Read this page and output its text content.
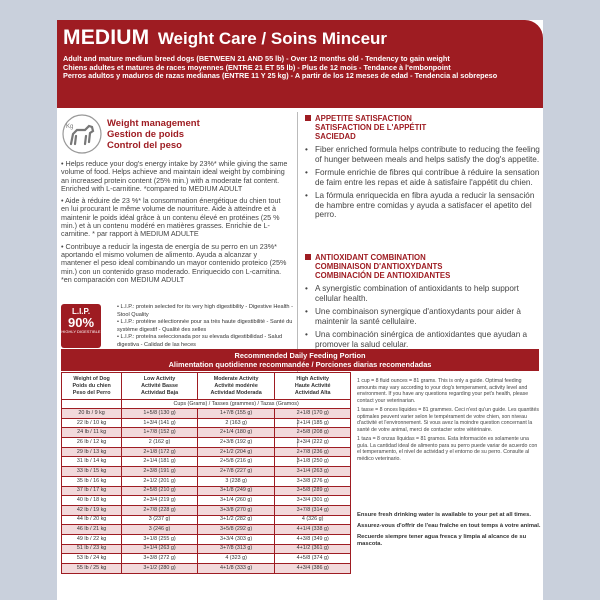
MEDIUM Weight Care / Soins Minceur
Adult and mature medium breed dogs (BETWEEN 21 AND 55 lb) - Over 12 months old - Tendency to gain weight
Chiens adultes et matures de races moyennes (ENTRE 21 ET 55 lb) - Plus de 12 mois - Tendance à l'embonpoint
Perros adultos y maduros de razas medianas (ENTRE 11 Y 25 kg) - A partir de los 12 meses de edad - Tendencia al sobrepeso
Kg	Weight management
Gestion de poids
Control del peso

• Helps reduce your dog's energy intake by 23%* while giving the same volume of food. Helps achieve and maintain ideal weight by combining an increased protein content (25% min.) with a moderate fat content. Enriched with L-carnitine. *compared to MEDIUM ADULT

• Aide à réduire de 23 %* la consommation énergétique du chien tout en lui procurant le même volume de nourriture. Aide à atteindre et à maintenir le poids idéal grâce à un contenu élevé en protéines (25 % min.) et à un contenu modéré en matières grasses. Enrichie de L-carnitine. * par rapport à MEDIUM ADULTE

• Contribuye a reducir la ingesta de energía de su perro en un 23%* aportando el mismo volumen de alimento. Ayuda a alcanzar y mantener el peso ideal combinando un mayor contenido proteico (25% min.) con un contenido graso moderado. Enriquecido con L-carnitina. *en comparación con MEDIUM ADULT

L.I.P.
90%
HIGHLY DIGESTIBLE
• L.I.P.: protein selected for its very high digestibility - Digestive Health - Stool Quality
• L.I.P.: protéine sélectionnée pour sa très haute digestibilité - Santé du système digestif - Qualité des selles
• L.I.P.: proteína seleccionada por su elevada digestibilidad - Salud digestiva - Calidad de las heces
APPETITE SATISFACTION
SATISFACTION DE L'APPÉTIT
SACIEDAD
• Fiber enriched formula helps contribute to reducing the feeling of hunger between meals and helps satisfy the dog's appetite.
• Formule enrichie de fibres qui contribue à réduire la sensation de faim entre les repas et aide à satisfaire l'appétit du chien.
• La fórmula enriquecida en fibra ayuda a reducir la sensación de hambre entre comidas y ayuda a satisfacer el apetito del perro.
ANTIOXIDANT COMBINATION
COMBINAISON D'ANTIOXYDANTS
COMBINACIÓN DE ANTIOXIDANTES
• A synergistic combination of antioxidants to help support cellular health.
• Une combinaison synergique d'antioxydants pour aider à maintenir la santé cellulaire.
• Una combinación sinérgica de antioxidantes que ayudan a promover la salud celular.
Recommended Daily Feeding Portion
Alimentation quotidienne recommandée / Porciones diarias recomendadas
Weight of Dog
Poids du chien
Peso del Perro	Low Activity
Activité Basse
Actividad Baja	Moderate Activity
Activité modérée
Actividad Moderada	High Activity
Haute Activité
Actividad Alta
	Cups (Grams) / Tasses (grammes) / Tazas (Gramos)		
20 lb / 9 kg	1+5/8 (130 g)	1+7/8 (155 g)	2+1/8 (170 g)
22 lb / 10 kg	1+3/4 (141 g)	2 (163 g)	2+1/4 (185 g)
24 lb / 11 kg	1+7/8 (152 g)	2+1/4 (180 g)	2+5/8 (208 g)
26 lb / 12 kg	2 (162 g)	2+3/8 (192 g)	2+3/4 (222 g)
29 lb / 13 kg	2+1/8 (172 g)	2+1/2 (204 g)	2+7/8 (236 g)
31 lb / 14 kg	2+1/4 (181 g)	2+5/8 (216 g)	3+1/8 (250 g)
33 lb / 15 kg	2+3/8 (191 g)	2+7/8 (227 g)	3+1/4 (263 g)
35 lb / 16 kg	2+1/2 (201 g)	3 (238 g)	3+3/8 (276 g)
37 lb / 17 kg	2+5/8 (210 g)	3+1/8 (249 g)	3+5/8 (289 g)
40 lb / 18 kg	2+3/4 (219 g)	3+1/4 (260 g)	3+3/4 (301 g)
42 lb / 19 kg	2+7/8 (228 g)	3+3/8 (270 g)	3+7/8 (314 g)
44 lb / 20 kg	3 (237 g)	3+1/2 (282 g)	4 (326 g)
46 lb / 21 kg	3 (246 g)	3+5/8 (292 g)	4+1/4 (338 g)
49 lb / 22 kg	3+1/8 (255 g)	3+3/4 (303 g)	4+3/8 (349 g)
51 lb / 23 kg	3+1/4 (263 g)	3+7/8 (313 g)	4+1/2 (361 g)
53 lb / 24 kg	3+3/8 (272 g)	4 (323 g)	4+5/8 (374 g)
55 lb / 25 kg	3+1/2 (280 g)	4+1/8 (333 g)	4+3/4 (386 g)

1 cup = 8 fluid ounces = 81 grams. This is only a guide. Optimal feeding amounts may vary according to your dog's temperament, activity level and environment. If you have any questions regarding your pet's health, please contact your veterinarian.

1 tasse = 8 onces liquides = 81 grammes. Ceci n'est qu'un guide. Les quantités optimales peuvent varier selon le tempérament de votre chien, son niveau d'activité et l'environnement. Si vous avez la moindre question concernant la santé de votre animal, merci de contacter votre vétérinaire.

1 taza = 8 onzas líquidas = 81 gramos. Esta información es solamente una guía. La cantidad ideal de alimento para su perro puede variar de acuerdo con el temperamento, el nivel de actividad y el entorno de su perro. Consulte al médico veterinario.

Ensure fresh drinking water is available to your pet at all times.

Assurez-vous d'offrir de l'eau fraîche en tout temps à votre animal.

Recuerde siempre tener agua fresca y limpia al alcance de su mascota.
